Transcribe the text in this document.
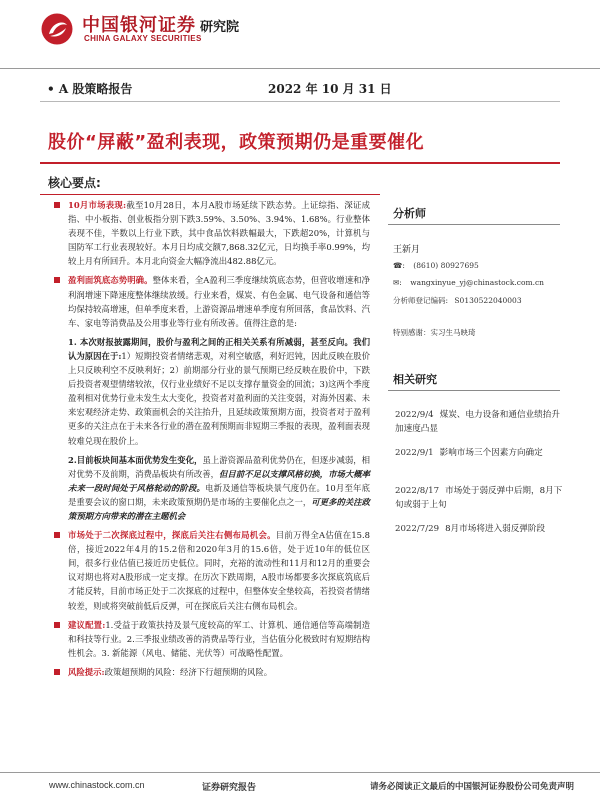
中国银河证券
CHINA GALAXY SECURITIES
研究院
• A 股策略报告	2022 年 10 月 31 日
股价“屏蔽”盈利表现，政策预期仍是重要催化
核心要点:

10月市场表现:截至10月28日，本月A股市场延续下跌态势。上证综指、深证成指、中小板指、创业板指分别下跌3.59%、3.50%、3.94%、1.68%。行业整体表现不佳，半数以上行业下跌，其中食品饮料跌幅最大，下跌超20%，计算机与国防军工行业表现较好。本月日均成交额7,868.32亿元，日均换手率0.99%，均较上月有所回升。本月北向资金大幅净流出482.88亿元。

盈利面筑底态势明确。整体来看，全A盈利三季度继续筑底态势，但营收增速和净利润增速下降速度整体继续放缓。行业来看，煤炭、有色金属、电气设备和通信等均保持较高增速，但单季度来看，上游资源品增速单季度有所回落，食品饮料、汽车、家电等消费品及公用事业等行业有所改善。值得注意的是:

1. 本次财报披露期间，股价与盈利之间的正相关关系有所减弱，甚至反向。我们认为原因在于:1）短期投资者情绪悲观，对利空敏感，利好迟钝，因此反映在股价上只反映利空不反映利好；2）前期部分行业的景气预期已经反映在股价中，下跌后投资者观望情绪较浓，仅行业业绩好不足以支撑存量资金的回流；3)这两个季度盈利相对优势行业未发生太大变化，投资者对盈利面的关注变弱，对海外因素、未来宏观经济走势、政策面机会的关注抬升，且延续政策预期方面，投资者对于盈利更多的关注点在于未来各行业的潜在盈利预期而非短期三季报的表现，盈利面表现较难兑现在股价上。

2.目前板块间基本面优势发生变化，虽上游资源品盈利优势仍在，但逐步减弱，相对优势不及前期，消费品板块有所改善，但目前不足以支撑风格切换，市场大概率未来一段时间处于风格轮动的阶段。电新及通信等板块景气度仍在。10月至年底是重要会议的窗口期，未来政策预期仍是市场的主要催化点之一，可更多的关注政策预期方向带来的潜在主题机会

市场处于二次探底过程中，探底后关注右侧布局机会。目前万得全A估值在15.8倍，接近2022年4月的15.2倍和2020年3月的15.6倍，处于近10年的低位区间，很多行业估值已接近历史低位。同时，充裕的流动性和11月和12月的重要会议对期也将对A股形成一定支撑。在历次下跌周期，A股市场都要多次探底筑底后才能反转，目前市场正处于二次探底的过程中，但整体安全垫较高，若投资者情绪较差，则或将突破前低后反弹，可在探底后关注右侧布局机会。

建议配置:1.受益于政策扶持及景气度较高的军工、计算机、通信通信等高端制造和科技等行业。2.三季报业绩改善的消费品等行业，当估值分化极致时有短期结构性机会。3. 新能源（风电、储能、光伏等）可战略性配置。

风险提示:政策超预期的风险：经济下行超预期的风险。

分析师
王新月
☎: (8610) 80927695
✉: wangxinyue_yj@chinastock.com.cn
分析师登记编码: S0130522040003
特别感谢：实习生马映琦
相关研究
2022/9/4 煤炭、电力设备和通信业绩抬升加速度凸显
2022/9/1 影响市场三个因素方向确定
2022/8/17 市场处于弱反弹中后期，8月下旬或弱于上旬
2022/7/29 8月市场将进入弱反弹阶段
www.chinastock.com.cn	证券研究报告	请务必阅读正文最后的中国银河证券股份公司免责声明
